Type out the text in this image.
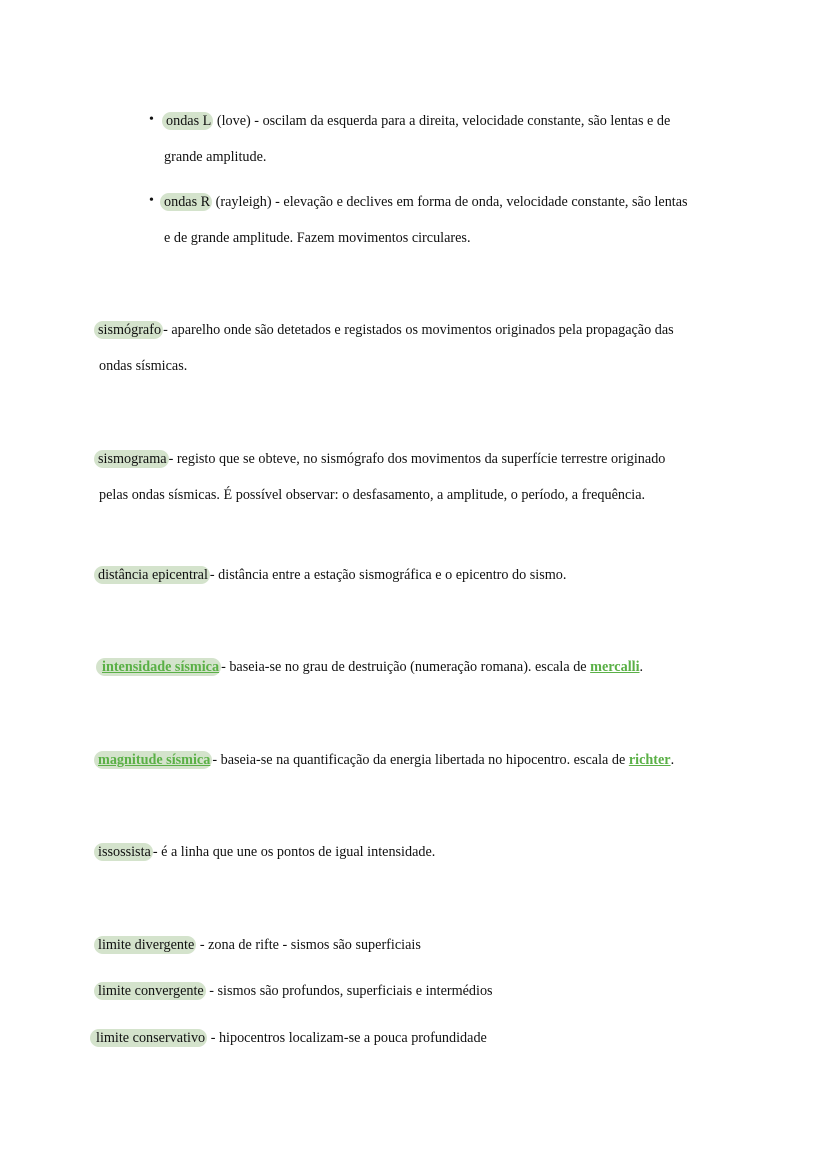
• ondas L (love) - oscilam da esquerda para a direita, velocidade constante, são lentas e de
grande amplitude.
• ondas R (rayleigh) - elevação e declives em forma de onda, velocidade constante, são lentas
e de grande amplitude. Fazem movimentos circulares.
sismógrafo - aparelho onde são detetados e registados os movimentos originados pela propagação das
ondas sísmicas.
sismograma - registo que se obteve, no sismógrafo dos movimentos da superfície terrestre originado
pelas ondas sísmicas. É possível observar: o desfasamento, a amplitude, o período, a frequência.
distância epicentral - distância entre a estação sismográfica e o epicentro do sismo.
intensidade sísmica - baseia-se no grau de destruição (numeração romana). escala de mercalli.
magnitude sísmica - baseia-se na quantificação da energia libertada no hipocentro. escala de richter.
issossista - é a linha que une os pontos de igual intensidade.
limite divergente - zona de rifte - sismos são superficiais
limite convergente - sismos são profundos, superficiais e intermédios
limite conservativo - hipocentros localizam-se a pouca profundidade
